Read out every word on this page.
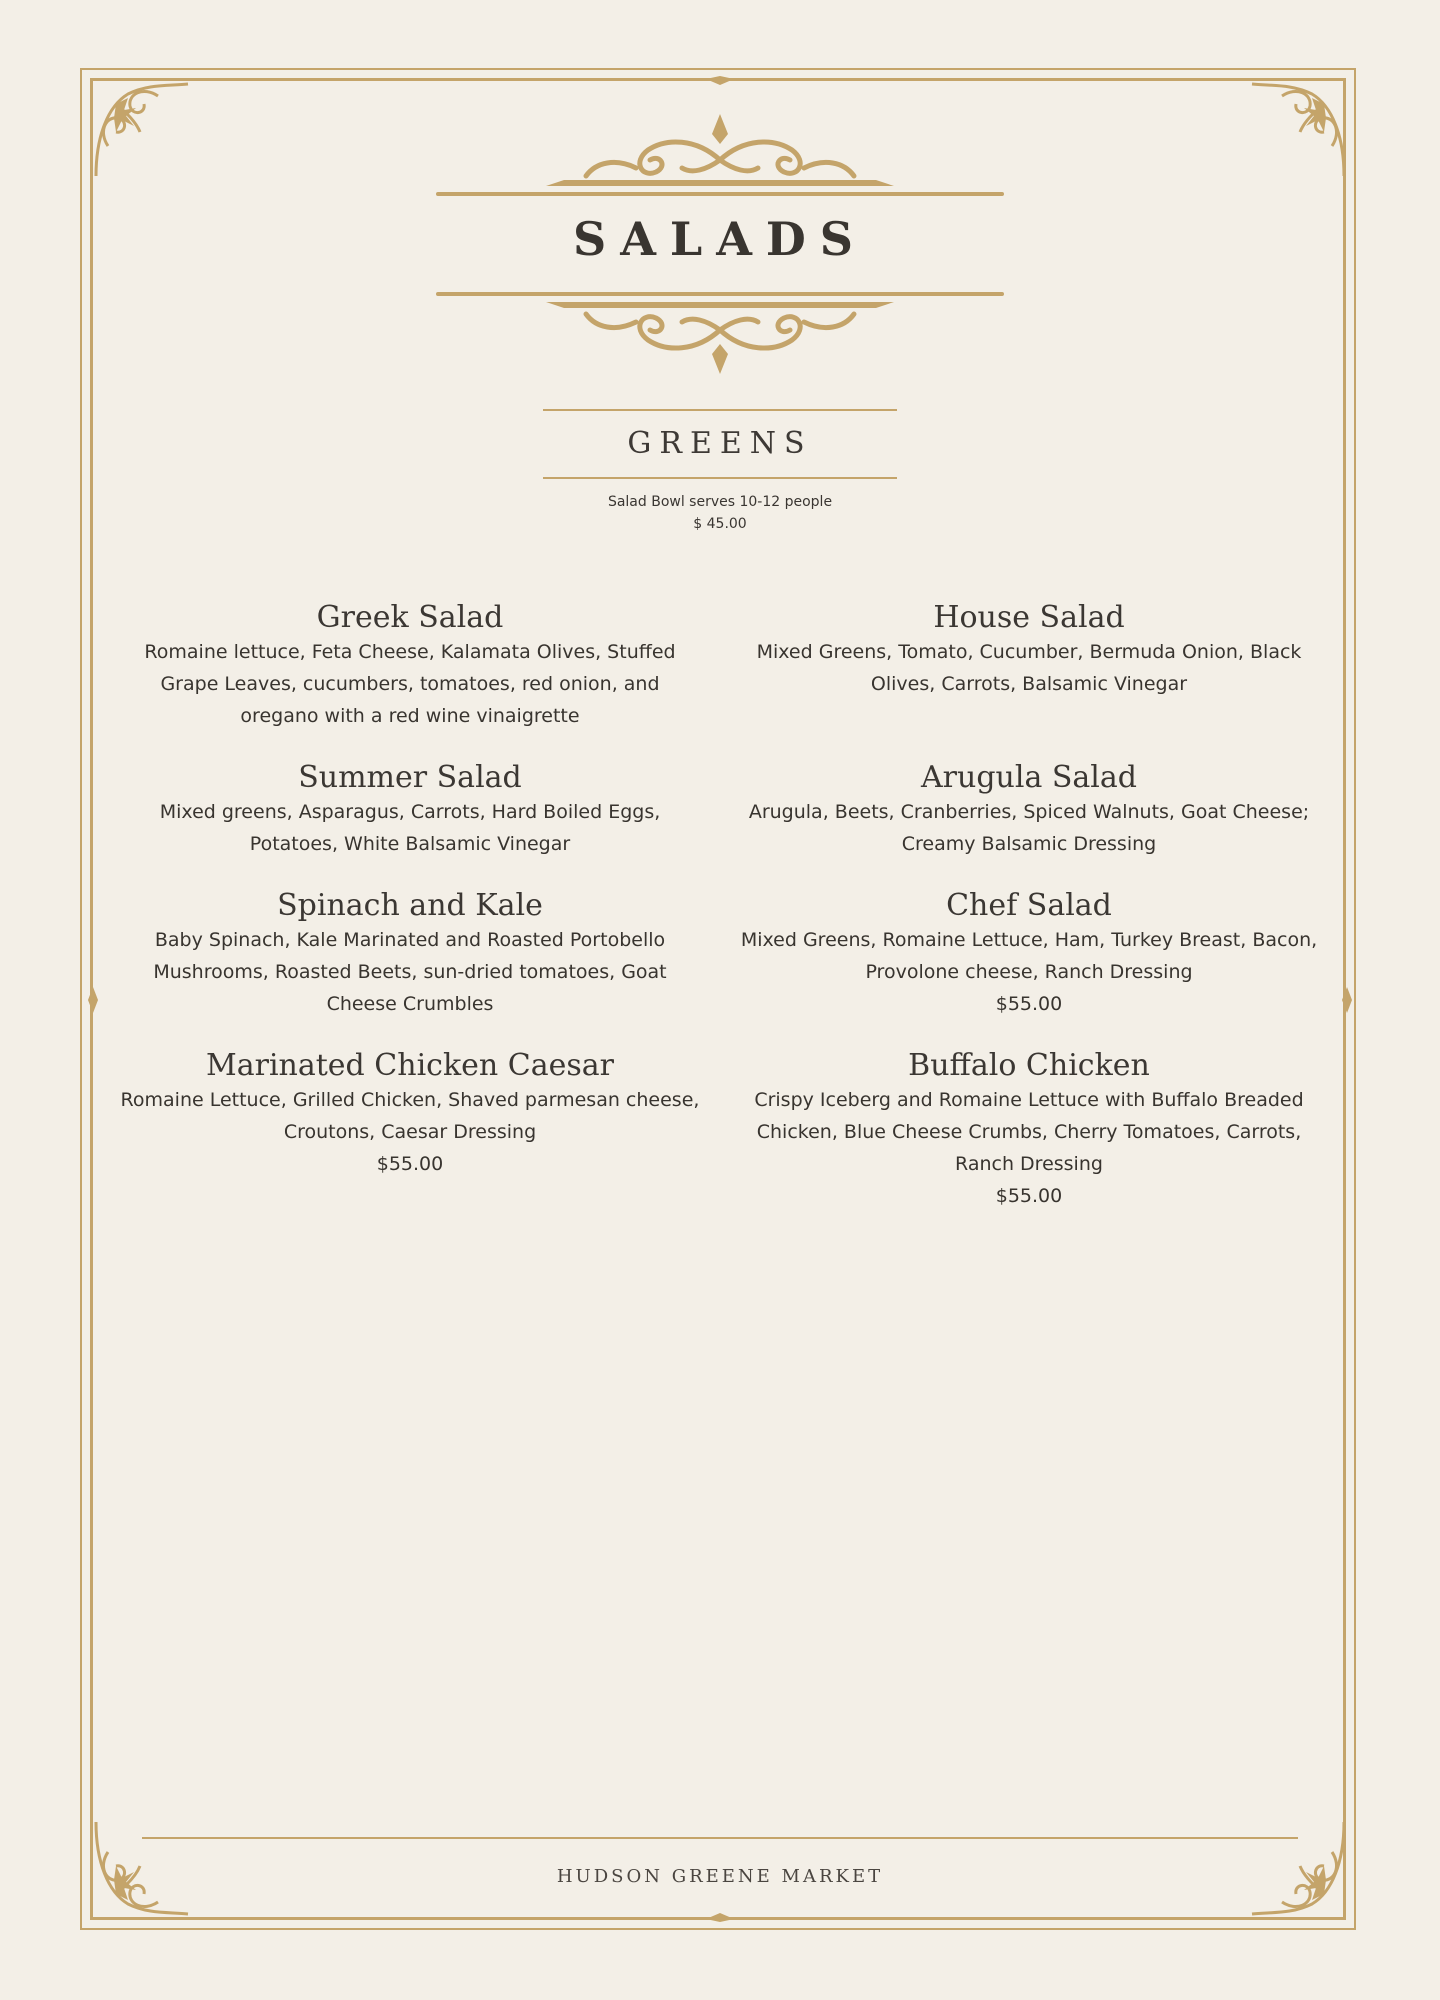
SALADS
GREENS
Salad Bowl serves 10-12 people
$ 45.00
Greek Salad
Romaine lettuce, Feta Cheese, Kalamata Olives, Stuffed Grape Leaves, cucumbers, tomatoes, red onion, and oregano with a red wine vinaigrette
Summer Salad
Mixed greens, Asparagus, Carrots, Hard Boiled Eggs, Potatoes, White Balsamic Vinegar
Spinach and Kale
Baby Spinach, Kale Marinated and Roasted Portobello Mushrooms, Roasted Beets, sun-dried tomatoes, Goat Cheese Crumbles
Marinated Chicken Caesar
Romaine Lettuce, Grilled Chicken, Shaved parmesan cheese, Croutons, Caesar Dressing
$55.00
House Salad
Mixed Greens, Tomato, Cucumber, Bermuda Onion, Black Olives, Carrots, Balsamic Vinegar
Arugula Salad
Arugula, Beets, Cranberries, Spiced Walnuts, Goat Cheese; Creamy Balsamic Dressing
Chef Salad
Mixed Greens, Romaine Lettuce, Ham, Turkey Breast, Bacon, Provolone cheese, Ranch Dressing
$55.00
Buffalo Chicken
Crispy Iceberg and Romaine Lettuce with Buffalo Breaded Chicken, Blue Cheese Crumbs, Cherry Tomatoes, Carrots, Ranch Dressing
$55.00
HUDSON GREENE MARKET
